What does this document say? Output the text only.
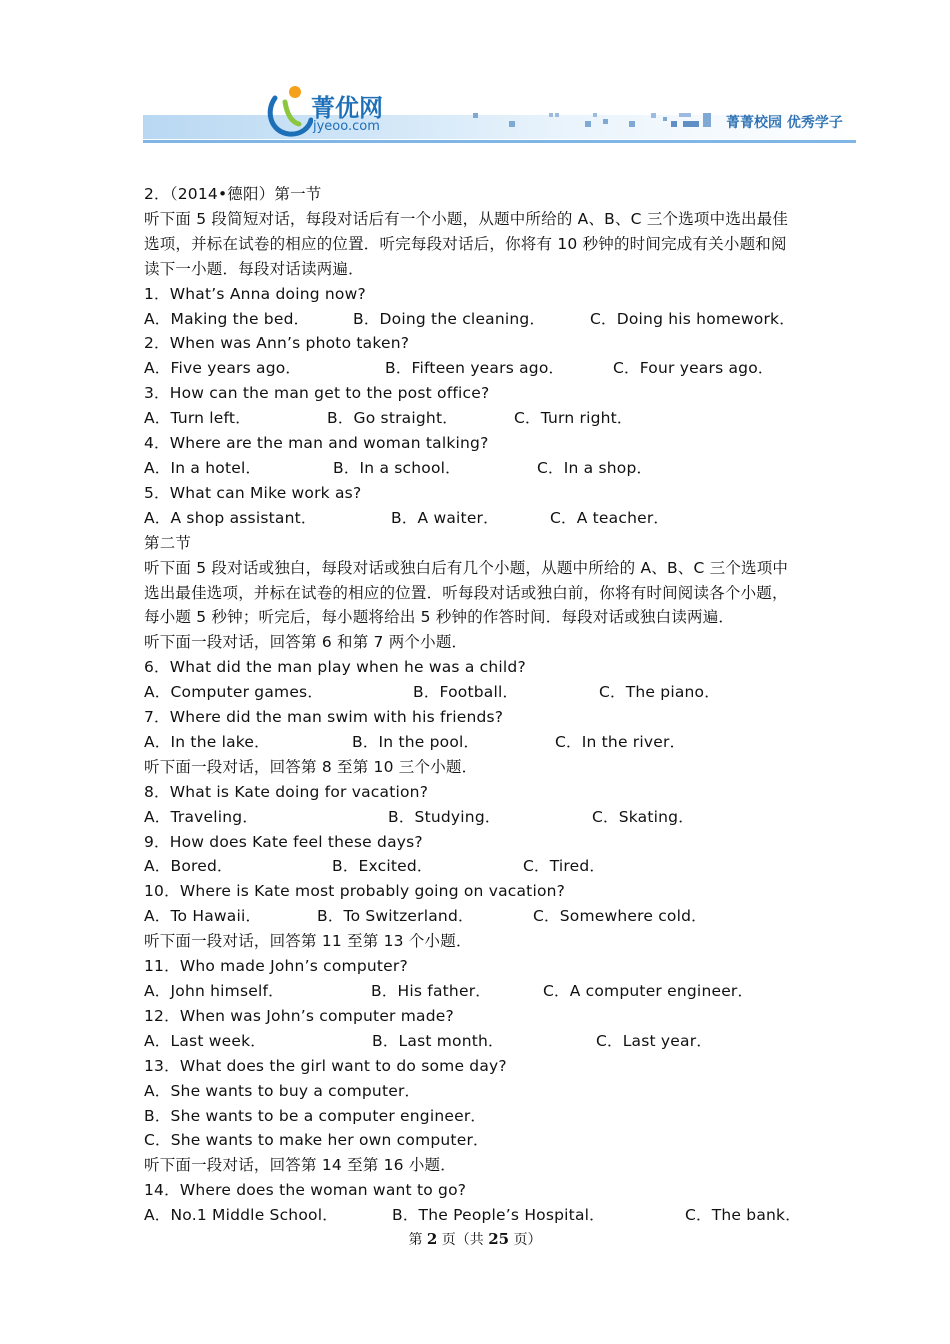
菁优网
jyeoo.com	菁菁校园 优秀学子
2．（2014•德阳）第一节
听下面 5 段简短对话，每段对话后有一个小题，从题中所给的 A、B、C 三个选项中选出最佳
选项，并标在试卷的相应的位置．听完每段对话后，你将有 10 秒钟的时间完成有关小题和阅
读下一小题．每段对话读两遍．
1．What’s Anna doing now?
A．Making the bed．	B．Doing the cleaning．	C．Doing his homework．
2．When was Ann’s photo taken?
A．Five years ago．	B．Fifteen years ago．	C．Four years ago．
3．How can the man get to the post office?
A．Turn left．	B．Go straight．	C．Turn right．
4．Where are the man and woman talking?
A．In a hotel．	B．In a school．	C．In a shop．
5．What can Mike work as?
A．A shop assistant．	B．A waiter．	C．A teacher．
第二节
听下面 5 段对话或独白，每段对话或独白后有几个小题，从题中所给的 A、B、C 三个选项中
选出最佳选项，并标在试卷的相应的位置．听每段对话或独白前，你将有时间阅读各个小题，
每小题 5 秒钟；听完后，每小题将给出 5 秒钟的作答时间．每段对话或独白读两遍．
听下面一段对话，回答第 6 和第 7 两个小题．
6．What did the man play when he was a child?
A．Computer games．	B．Football．	C．The piano．
7．Where did the man swim with his friends?
A．In the lake．	B．In the pool．	C．In the river．
听下面一段对话，回答第 8 至第 10 三个小题．
8．What is Kate doing for vacation?
A．Traveling．	B．Studying．	C．Skating．
9．How does Kate feel these days?
A．Bored．	B．Excited．	C．Tired．
10．Where is Kate most probably going on vacation?
A．To Hawaii．	B．To Switzerland．	C．Somewhere cold．
听下面一段对话，回答第 11 至第 13 个小题．
11．Who made John’s computer?
A．John himself．	B．His father．	C．A computer engineer．
12．When was John’s computer made?
A．Last week．	B．Last month．	C．Last year．
13．What does the girl want to do some day?
A．She wants to buy a computer．
B．She wants to be a computer engineer．
C．She wants to make her own computer．
听下面一段对话，回答第 14 至第 16 小题．
14．Where does the woman want to go?
A．No.1 Middle School．	B．The People’s Hospital．	C．The bank．
第 2 页（共 25 页）
